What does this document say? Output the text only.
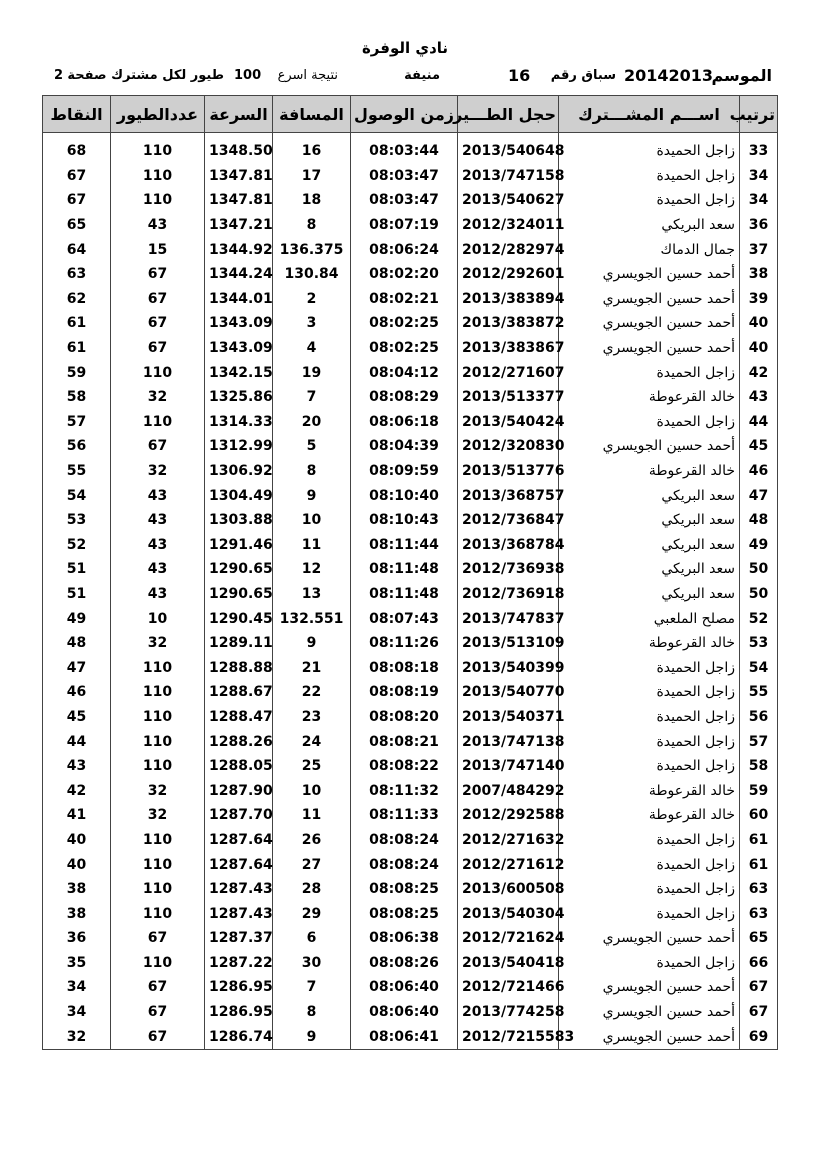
نادي الوفرة
الموسم
20142013
سباق رقم
16
منيفة
نتيجة اسرع
100
طيور لكل مشترك صفحة
2
ترتيب	اســـم المشـــترك	حجل الطـــير	زمن الوصول	المسافة	السرعة	عددالطيور	النقاط
33	زاجل الحميدة	2013/540648	08:03:44	16	1348.50	110	68
34	زاجل الحميدة	2013/747158	08:03:47	17	1347.81	110	67
34	زاجل الحميدة	2013/540627	08:03:47	18	1347.81	110	67
36	سعد البريكي	2012/324011	08:07:19	8	1347.21	43	65
37	جمال الدماك	2012/282974	08:06:24	136.375	1344.92	15	64
38	أحمد حسين الجويسري	2012/292601	08:02:20	130.84	1344.24	67	63
39	أحمد حسين الجويسري	2013/383894	08:02:21	2	1344.01	67	62
40	أحمد حسين الجويسري	2013/383872	08:02:25	3	1343.09	67	61
40	أحمد حسين الجويسري	2013/383867	08:02:25	4	1343.09	67	61
42	زاجل الحميدة	2012/271607	08:04:12	19	1342.15	110	59
43	خالد القرعوطة	2013/513377	08:08:29	7	1325.86	32	58
44	زاجل الحميدة	2013/540424	08:06:18	20	1314.33	110	57
45	أحمد حسين الجويسري	2012/320830	08:04:39	5	1312.99	67	56
46	خالد القرعوطة	2013/513776	08:09:59	8	1306.92	32	55
47	سعد البريكي	2013/368757	08:10:40	9	1304.49	43	54
48	سعد البريكي	2012/736847	08:10:43	10	1303.88	43	53
49	سعد البريكي	2013/368784	08:11:44	11	1291.46	43	52
50	سعد البريكي	2012/736938	08:11:48	12	1290.65	43	51
50	سعد البريكي	2012/736918	08:11:48	13	1290.65	43	51
52	مصلح الملعبي	2013/747837	08:07:43	132.551	1290.45	10	49
53	خالد القرعوطة	2013/513109	08:11:26	9	1289.11	32	48
54	زاجل الحميدة	2013/540399	08:08:18	21	1288.88	110	47
55	زاجل الحميدة	2013/540770	08:08:19	22	1288.67	110	46
56	زاجل الحميدة	2013/540371	08:08:20	23	1288.47	110	45
57	زاجل الحميدة	2013/747138	08:08:21	24	1288.26	110	44
58	زاجل الحميدة	2013/747140	08:08:22	25	1288.05	110	43
59	خالد القرعوطة	2007/484292	08:11:32	10	1287.90	32	42
60	خالد القرعوطة	2012/292588	08:11:33	11	1287.70	32	41
61	زاجل الحميدة	2012/271632	08:08:24	26	1287.64	110	40
61	زاجل الحميدة	2012/271612	08:08:24	27	1287.64	110	40
63	زاجل الحميدة	2013/600508	08:08:25	28	1287.43	110	38
63	زاجل الحميدة	2013/540304	08:08:25	29	1287.43	110	38
65	أحمد حسين الجويسري	2012/721624	08:06:38	6	1287.37	67	36
66	زاجل الحميدة	2013/540418	08:08:26	30	1287.22	110	35
67	أحمد حسين الجويسري	2012/721466	08:06:40	7	1286.95	67	34
67	أحمد حسين الجويسري	2013/774258	08:06:40	8	1286.95	67	34
69	أحمد حسين الجويسري	2012/7215583	08:06:41	9	1286.74	67	32
